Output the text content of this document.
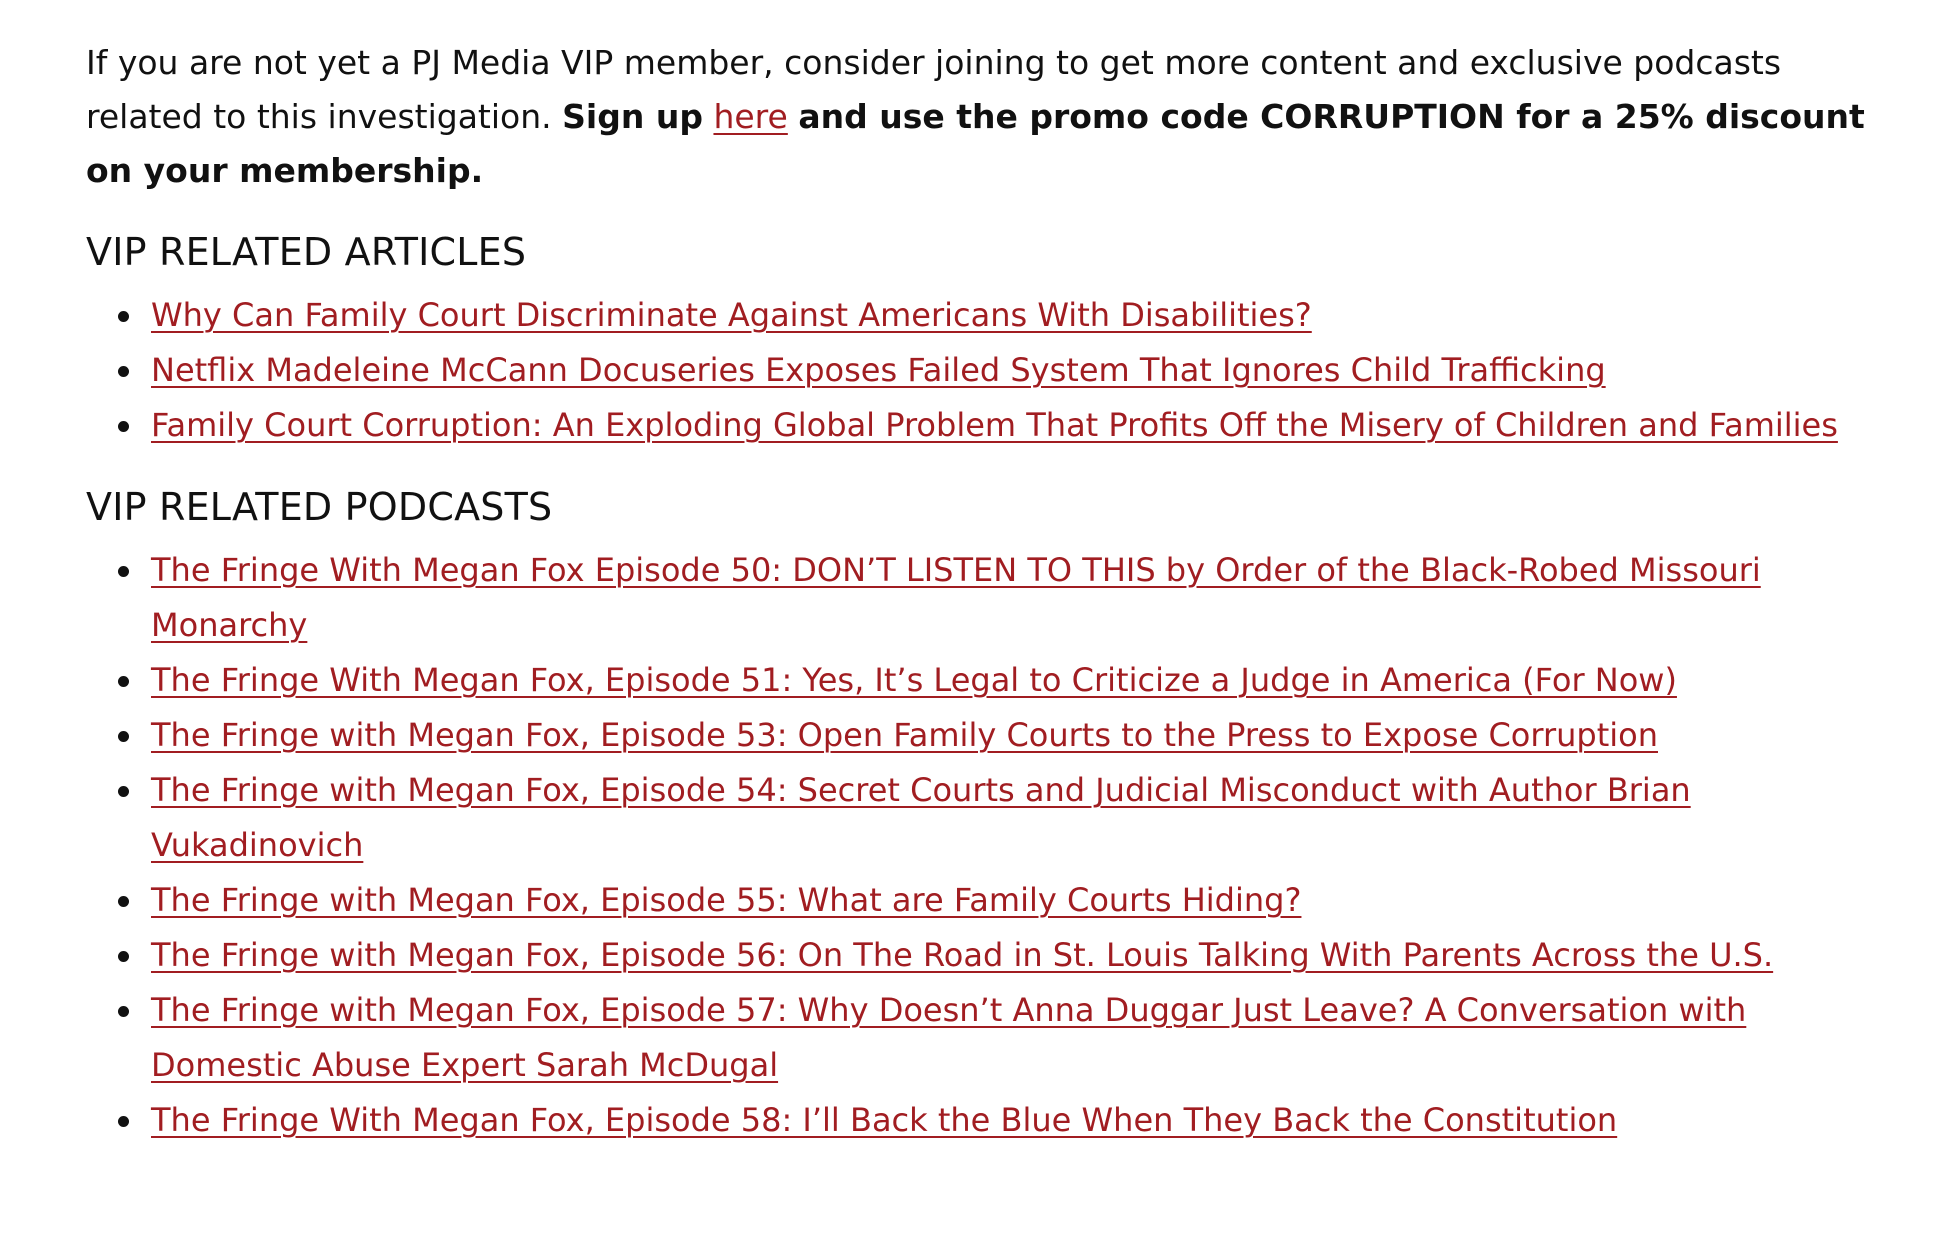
If you are not yet a PJ Media VIP member, consider joining to get more content and exclusive podcasts related to this investigation. Sign up here and use the promo code CORRUPTION for a 25% discount on your membership.

VIP RELATED ARTICLES
Why Can Family Court Discriminate Against Americans With Disabilities?
Netflix Madeleine McCann Docuseries Exposes Failed System That Ignores Child Trafficking
Family Court Corruption: An Exploding Global Problem That Profits Off the Misery of Children and Families
VIP RELATED PODCASTS
The Fringe With Megan Fox Episode 50: DON’T LISTEN TO THIS by Order of the Black-Robed Missouri Monarchy
The Fringe With Megan Fox, Episode 51: Yes, It’s Legal to Criticize a Judge in America (For Now)
The Fringe with Megan Fox, Episode 53: Open Family Courts to the Press to Expose Corruption
The Fringe with Megan Fox, Episode 54: Secret Courts and Judicial Misconduct with Author Brian Vukadinovich
The Fringe with Megan Fox, Episode 55: What are Family Courts Hiding?
The Fringe with Megan Fox, Episode 56: On The Road in St. Louis Talking With Parents Across the U.S.
The Fringe with Megan Fox, Episode 57: Why Doesn’t Anna Duggar Just Leave? A Conversation with Domestic Abuse Expert Sarah McDugal
The Fringe With Megan Fox, Episode 58: I’ll Back the Blue When They Back the Constitution
